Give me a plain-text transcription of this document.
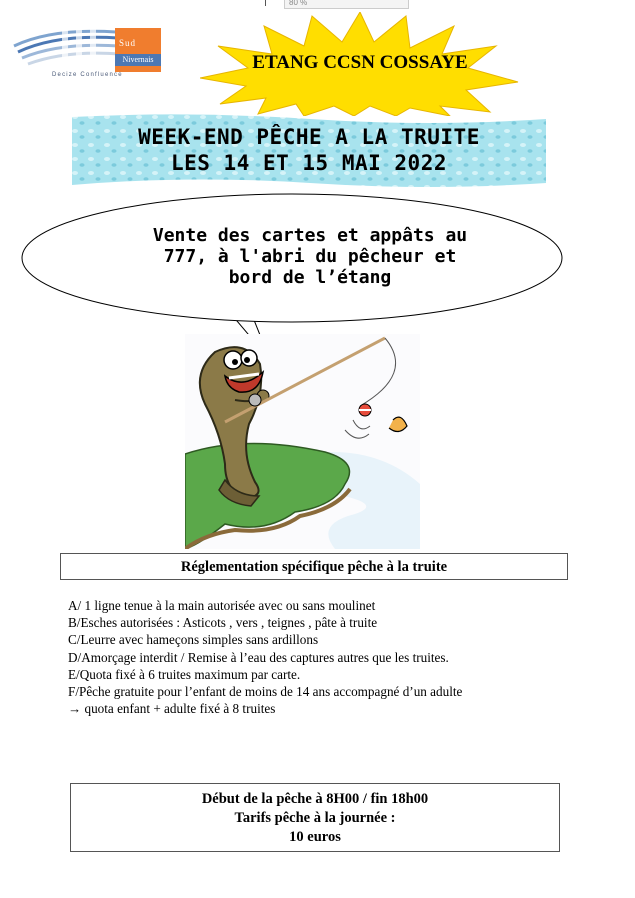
80 %
Sud
Nivernais
Decize Confluence
ETANG CCSN COSSAYE
WEEK-END PÊCHE A LA TRUITE
LES 14 ET 15 MAI 2022
Vente des cartes et appâts au
777, à l'abri du pêcheur et
bord de l’étang
Réglementation spécifique pêche à la truite
A/ 1 ligne tenue à la main autorisée avec ou sans moulinet
B/Esches autorisées : Asticots , vers , teignes , pâte à truite
C/Leurre avec hameçons simples sans ardillons
D/Amorçage interdit / Remise à l’eau des captures autres que les truites.
E/Quota fixé à 6 truites maximum par carte.
F/Pêche gratuite pour l’enfant de moins de 14 ans accompagné d’un adulte
→ quota enfant + adulte fixé à 8 truites
Début de la pêche à 8H00 / fin 18h00
Tarifs pêche à la journée :
10 euros
